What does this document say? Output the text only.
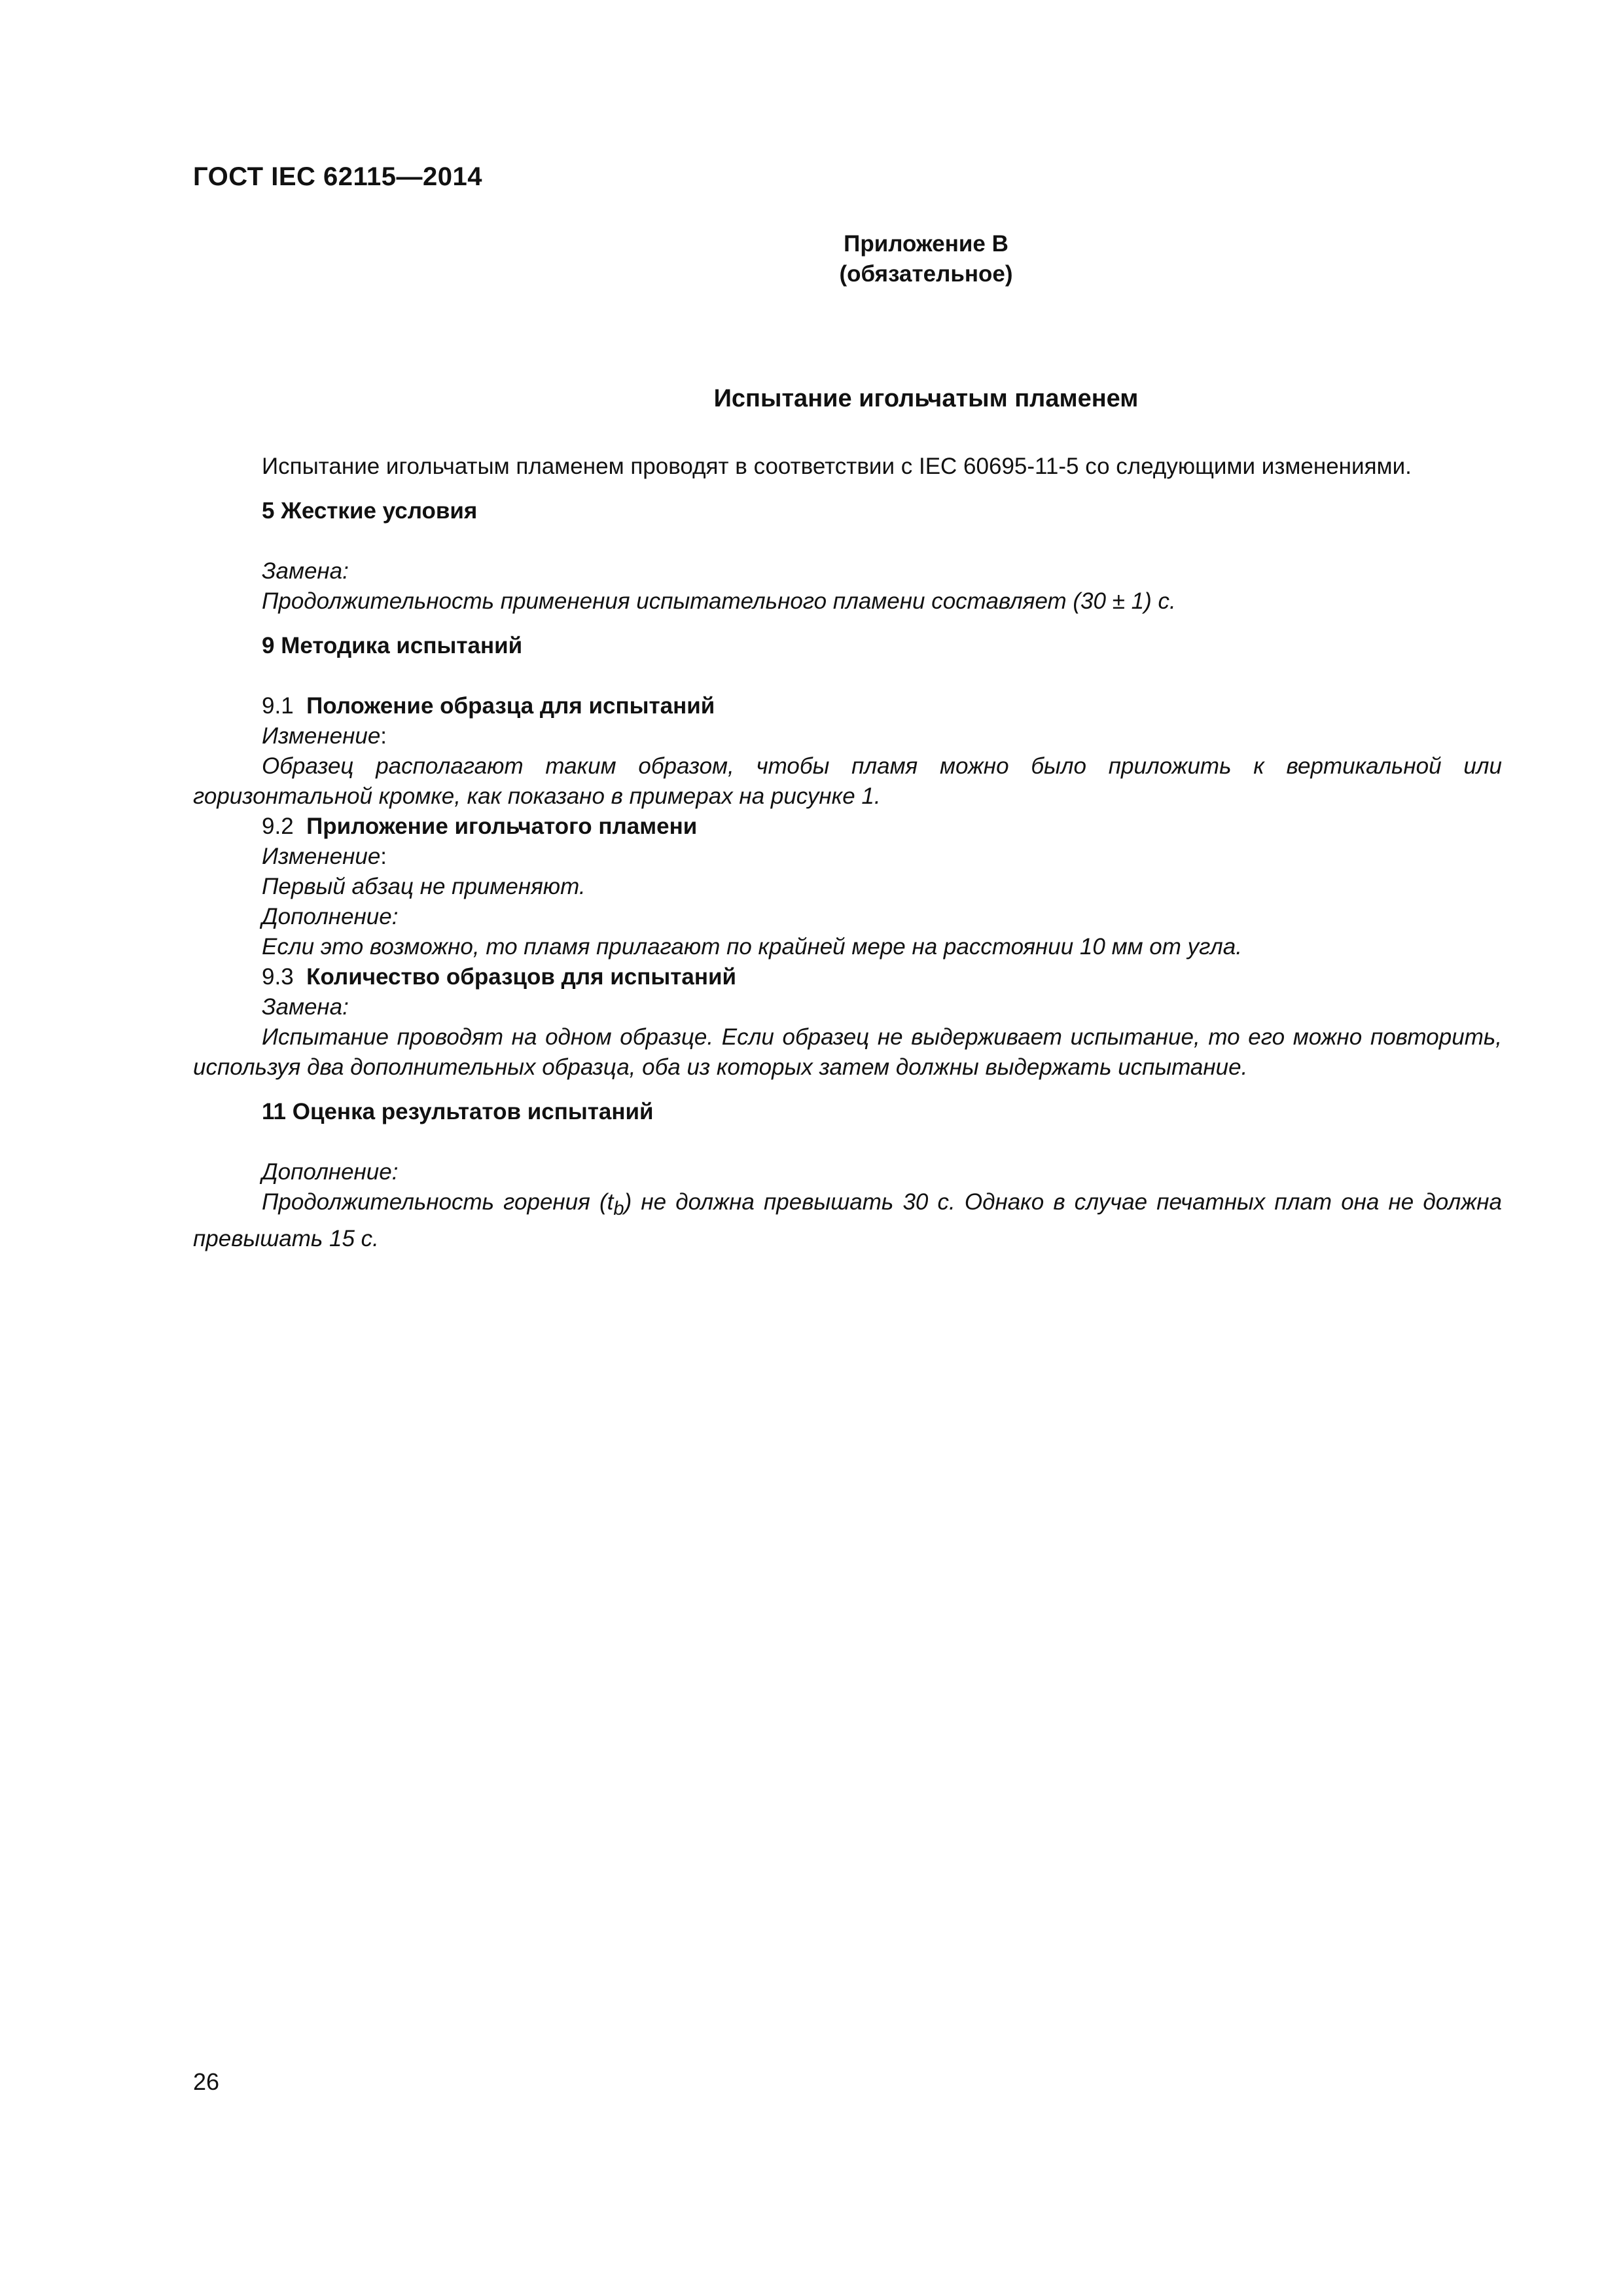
ГОСТ IEC 62115—2014
Приложение В
(обязательное)
Испытание игольчатым пламенем

Испытание игольчатым пламенем проводят в соответствии с IEC 60695-11-5 со следующими изменениями.

5 Жесткие условия

Замена:

Продолжительность применения испытательного пламени составляет (30 ± 1) с.

9 Методика испытаний

9.1 Положение образца для испытаний

Изменение:

Образец располагают таким образом, чтобы пламя можно было приложить к вертикальной или горизонтальной кромке, как показано в примерах на рисунке 1.

9.2 Приложение игольчатого пламени

Изменение:

Первый абзац не применяют.

Дополнение:

Если это возможно, то пламя прилагают по крайней мере на расстоянии 10 мм от угла.

9.3 Количество образцов для испытаний

Замена:

Испытание проводят на одном образце. Если образец не выдерживает испытание, то его можно повторить, используя два дополнительных образца, оба из которых затем должны выдержать испытание.

11 Оценка результатов испытаний

Дополнение:

Продолжительность горения $(t_b)$ не должна превышать 30 с. Однако в случае печатных плат она не должна превышать 15 с.

26
